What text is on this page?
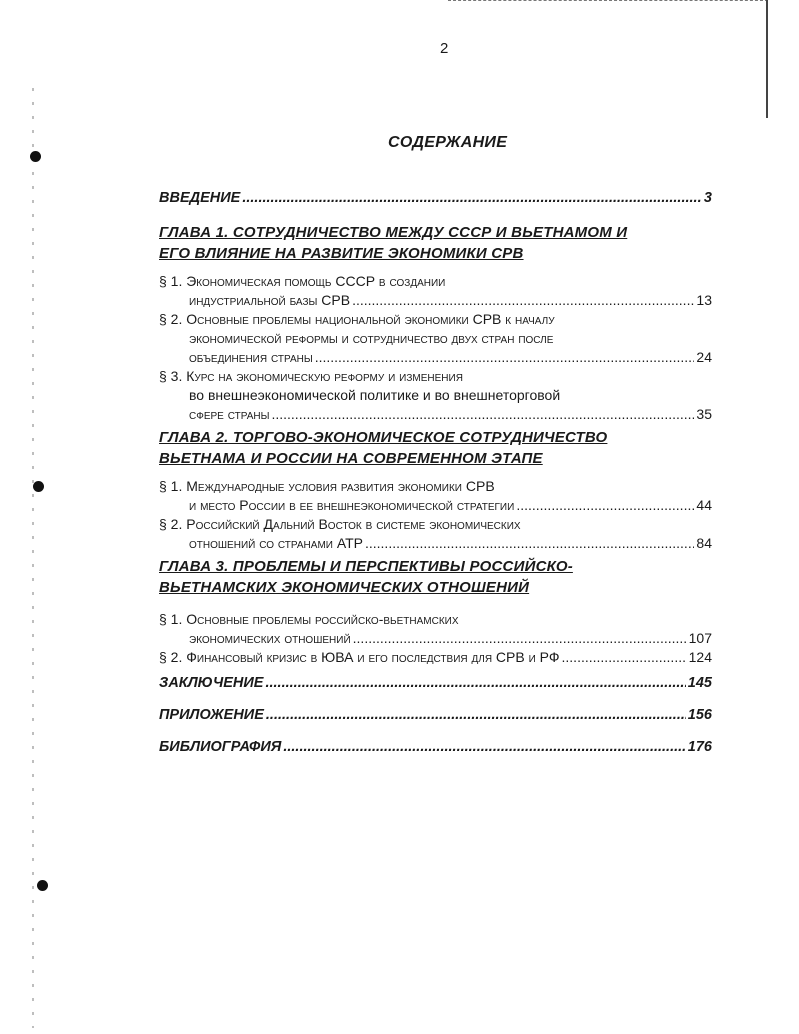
2
СОДЕРЖАНИЕ
ВВЕДЕНИЕ .....	3
ГЛАВА 1. СОТРУДНИЧЕСТВО МЕЖДУ СССР И ВЬЕТНАМОМ И
ЕГО ВЛИЯНИЕ НА РАЗВИТИЕ ЭКОНОМИКИ СРВ
§ 1. Экономическая помощь СССР в создании
индустриальной базы СРВ .....	13
§ 2. Основные проблемы национальной экономики СРВ к началу
экономической реформы и сотрудничество двух стран после
объединения страны .....	24
§ 3. Курс на экономическую реформу и изменения
во внешнеэкономической политике и во внешнеторговой
сфере страны .....	35
ГЛАВА 2. ТОРГОВО-ЭКОНОМИЧЕСКОЕ СОТРУДНИЧЕСТВО
ВЬЕТНАМА И РОССИИ НА СОВРЕМЕННОМ ЭТАПЕ
§ 1. Международные условия развития экономики СРВ
и место России в ее внешнеэкономической стратегии .....	44
§ 2. Российский Дальний Восток в системе экономических
отношений со странами АТР .....	84
ГЛАВА 3. ПРОБЛЕМЫ И ПЕРСПЕКТИВЫ РОССИЙСКО-
ВЬЕТНАМСКИХ ЭКОНОМИЧЕСКИХ ОТНОШЕНИЙ
§ 1. Основные проблемы российско-вьетнамских
экономических отношений .....	107
§ 2. Финансовый кризис в ЮВА и его последствия для СРВ и РФ .....	124
ЗАКЛЮЧЕНИЕ .....	145
ПРИЛОЖЕНИЕ .....	156
БИБЛИОГРАФИЯ .....	176
